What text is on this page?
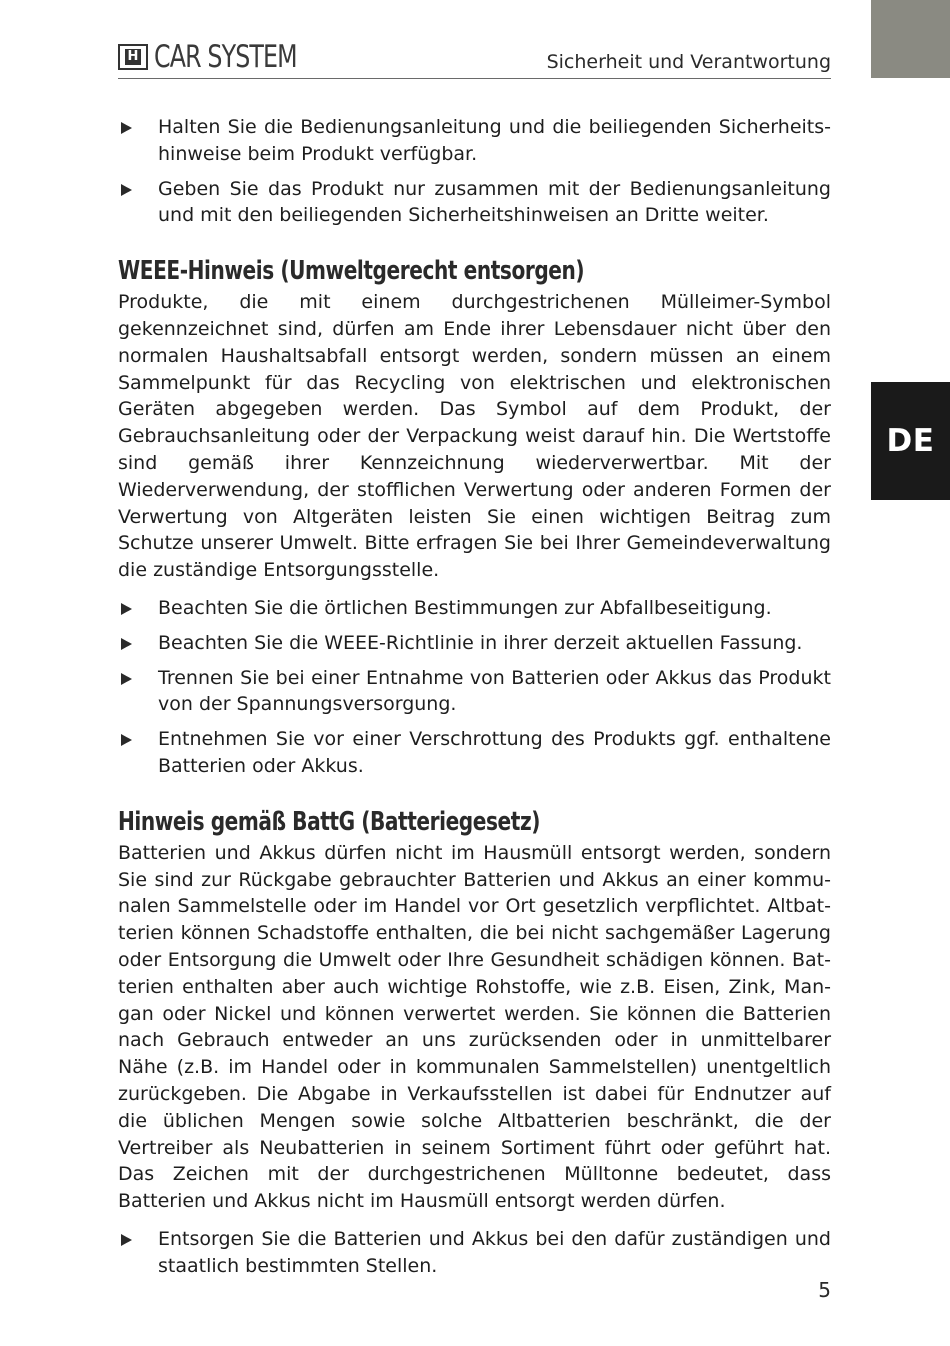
DE
H CAR SYSTEM	Sicherheit und Verantwortung
Halten Sie die Bedienungsanleitung und die beiliegenden Sicherheitshinweise beim Produkt verfügbar.
Geben Sie das Produkt nur zusammen mit der Bedienungsanleitung und mit den beiliegenden Sicherheitshinweisen an Dritte weiter.
WEEE-Hinweis (Umweltgerecht entsorgen)

Produkte, die mit einem durchgestrichenen Mülleimer-Symbol gekennzeichnet sind, dürfen am Ende ihrer Lebensdauer nicht über den normalen Haushaltsabfall entsorgt werden, sondern müssen an einem Sammelpunkt für das Recycling von elektrischen und elektronischen Geräten abgegeben werden. Das Symbol auf dem Produkt, der Gebrauchsanleitung oder der Verpackung weist darauf hin. Die Wertstoffe sind gemäß ihrer Kennzeichnung wiederverwertbar. Mit der Wiederverwendung, der stofflichen Verwertung oder anderen Formen der Verwertung von Altgeräten leisten Sie einen wichtigen Beitrag zum Schutze unserer Umwelt. Bitte erfragen Sie bei Ihrer Gemeindeverwaltung die zuständige Entsorgungsstelle.

Beachten Sie die örtlichen Bestimmungen zur Abfallbeseitigung.
Beachten Sie die WEEE-Richtlinie in ihrer derzeit aktuellen Fassung.
Trennen Sie bei einer Entnahme von Batterien oder Akkus das Produkt von der Spannungsversorgung.
Entnehmen Sie vor einer Verschrottung des Produkts ggf. enthaltene Batterien oder Akkus.
Hinweis gemäß BattG (Batteriegesetz)

Batterien und Akkus dürfen nicht im Hausmüll entsorgt werden, sondern Sie sind zur Rückgabe gebrauchter Batterien und Akkus an einer kommunalen Sammelstelle oder im Handel vor Ort gesetzlich verpflichtet. Altbatterien können Schadstoffe enthalten, die bei nicht sachgemäßer Lagerung oder Entsorgung die Umwelt oder Ihre Gesundheit schädigen können. Batterien enthalten aber auch wichtige Rohstoffe, wie z.B. Eisen, Zink, Mangan oder Nickel und können verwertet werden. Sie können die Batterien nach Gebrauch entweder an uns zurücksenden oder in unmittelbarer Nähe (z.B. im Handel oder in kommunalen Sammelstellen) unentgeltlich zurückgeben. Die Abgabe in Verkaufsstellen ist dabei für Endnutzer auf die üblichen Mengen sowie solche Altbatterien beschränkt, die der Vertreiber als Neubatterien in seinem Sortiment führt oder geführt hat. Das Zeichen mit der durchgestrichenen Mülltonne bedeutet, dass Batterien und Akkus nicht im Hausmüll entsorgt werden dürfen.

Entsorgen Sie die Batterien und Akkus bei den dafür zuständigen und staatlich bestimmten Stellen.
5
